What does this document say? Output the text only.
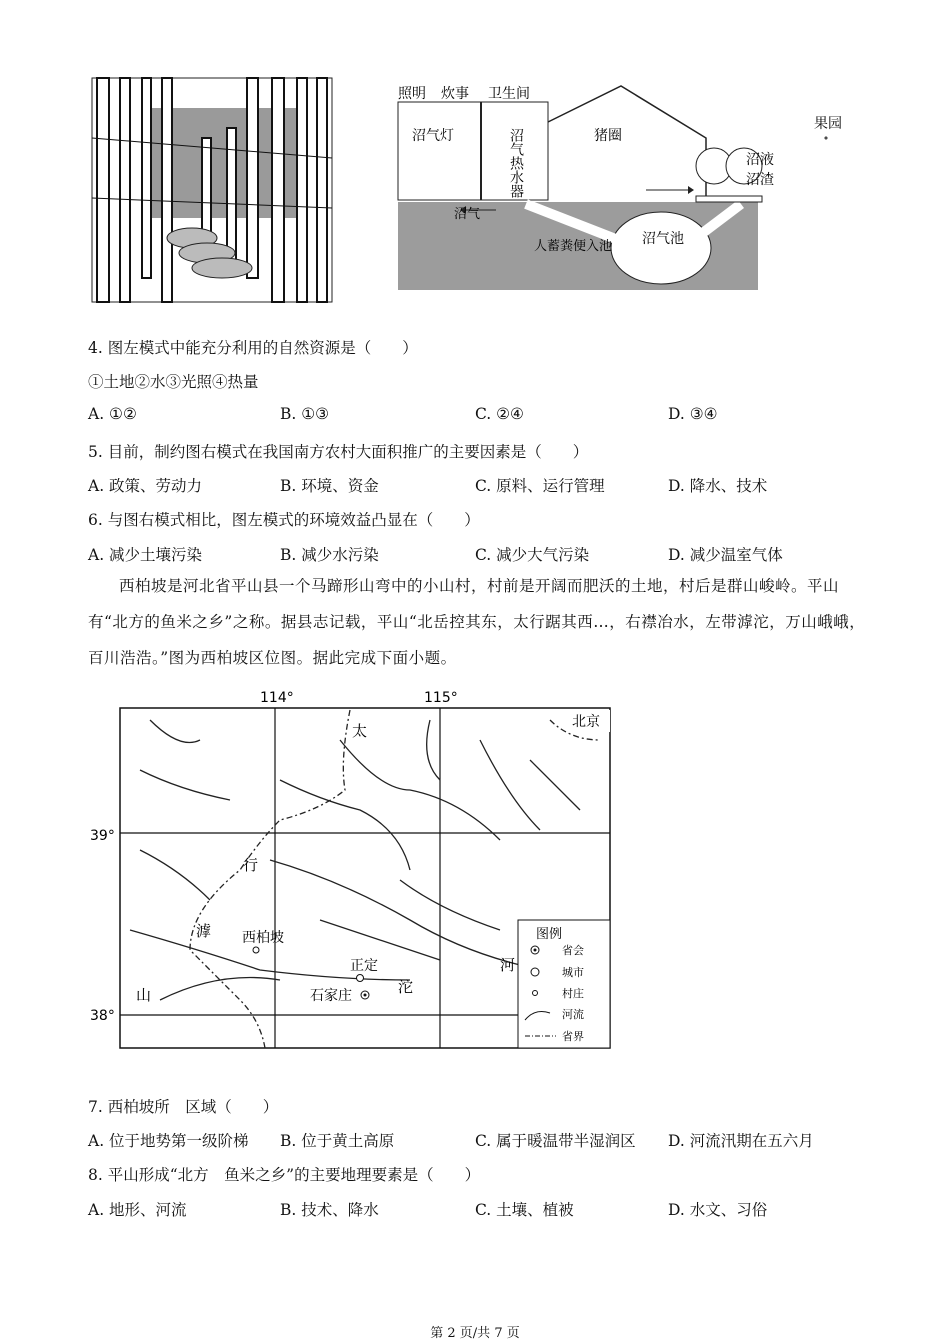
照明 炊事 卫生间
沼气灯	沼气热水器	猪圈
果园
沼液
沼渣
沼气
人蓄粪便入池 沼气池
4. 图左模式中能充分利用的自然资源是（　　）
①土地②水③光照④热量
A. ①②	B. ①③	C. ②④	D. ③④
5. 目前，制约图右模式在我国南方农村大面积推广的主要因素是（　　）
A. 政策、劳动力	B. 环境、资金	C. 原料、运行管理	D. 降水、技术
6. 与图右模式相比，图左模式的环境效益凸显在（　　）
A. 减少土壤污染	B. 减少水污染	C. 减少大气污染	D. 减少温室气体
西柏坡是河北省平山县一个马蹄形山弯中的小山村，村前是开阔而肥沃的土地，村后是群山峻岭。平山有“北方的鱼米之乡”之称。据县志记载，平山“北岳控其东，太行踞其西…，右襟冶水，左带滹沱，万山峨峨，百川浩浩。”图为西柏坡区位图。据此完成下面小题。
114°	115°
39°
38°
太
行
山
滹
沱
河
北京
西柏坡
正定
石家庄
图例
省会
城市
村庄
河流
省界
7. 西柏坡所　区域（　　）
A. 位于地势第一级阶梯 B. 位于黄土高原	C. 属于暖温带半湿润区 D. 河流汛期在五六月
8. 平山形成“北方　鱼米之乡”的主要地理要素是（　　）
A. 地形、河流	B. 技术、降水	C. 土壤、植被	D. 水文、习俗
第 2 页/共 7 页
